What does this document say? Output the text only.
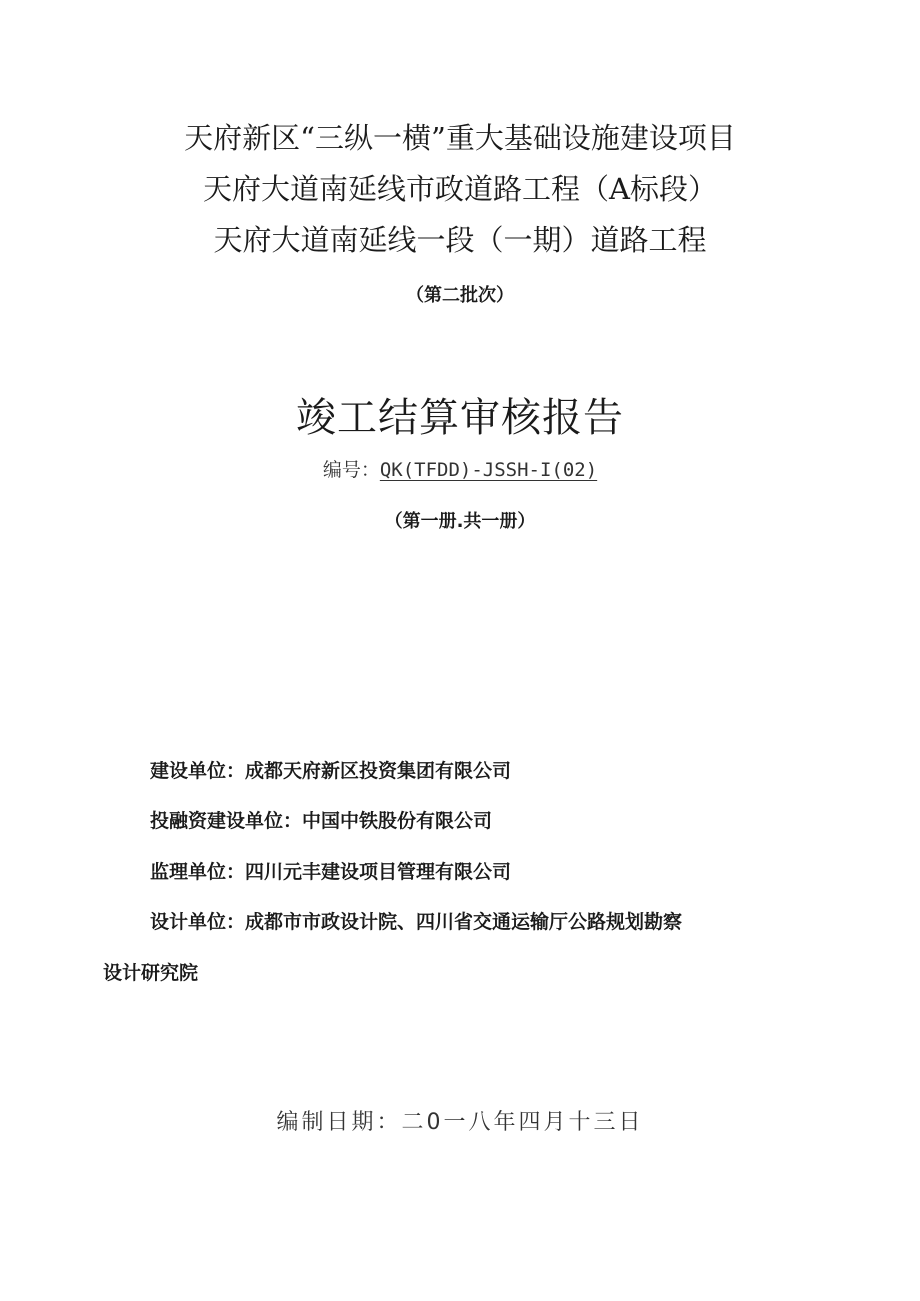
天府新区“三纵一横”重大基础设施建设项目
天府大道南延线市政道路工程（A标段）
天府大道南延线一段（一期）道路工程
（第二批次）
竣工结算审核报告
编号：QK(TFDD)-JSSH-I(02)
（第一册.共一册）
建设单位：成都天府新区投资集团有限公司
投融资建设单位：中国中铁股份有限公司
监理单位：四川元丰建设项目管理有限公司
设计单位：成都市市政设计院、四川省交通运输厅公路规划勘察
设计研究院
编制日期：二0一八年四月十三日
